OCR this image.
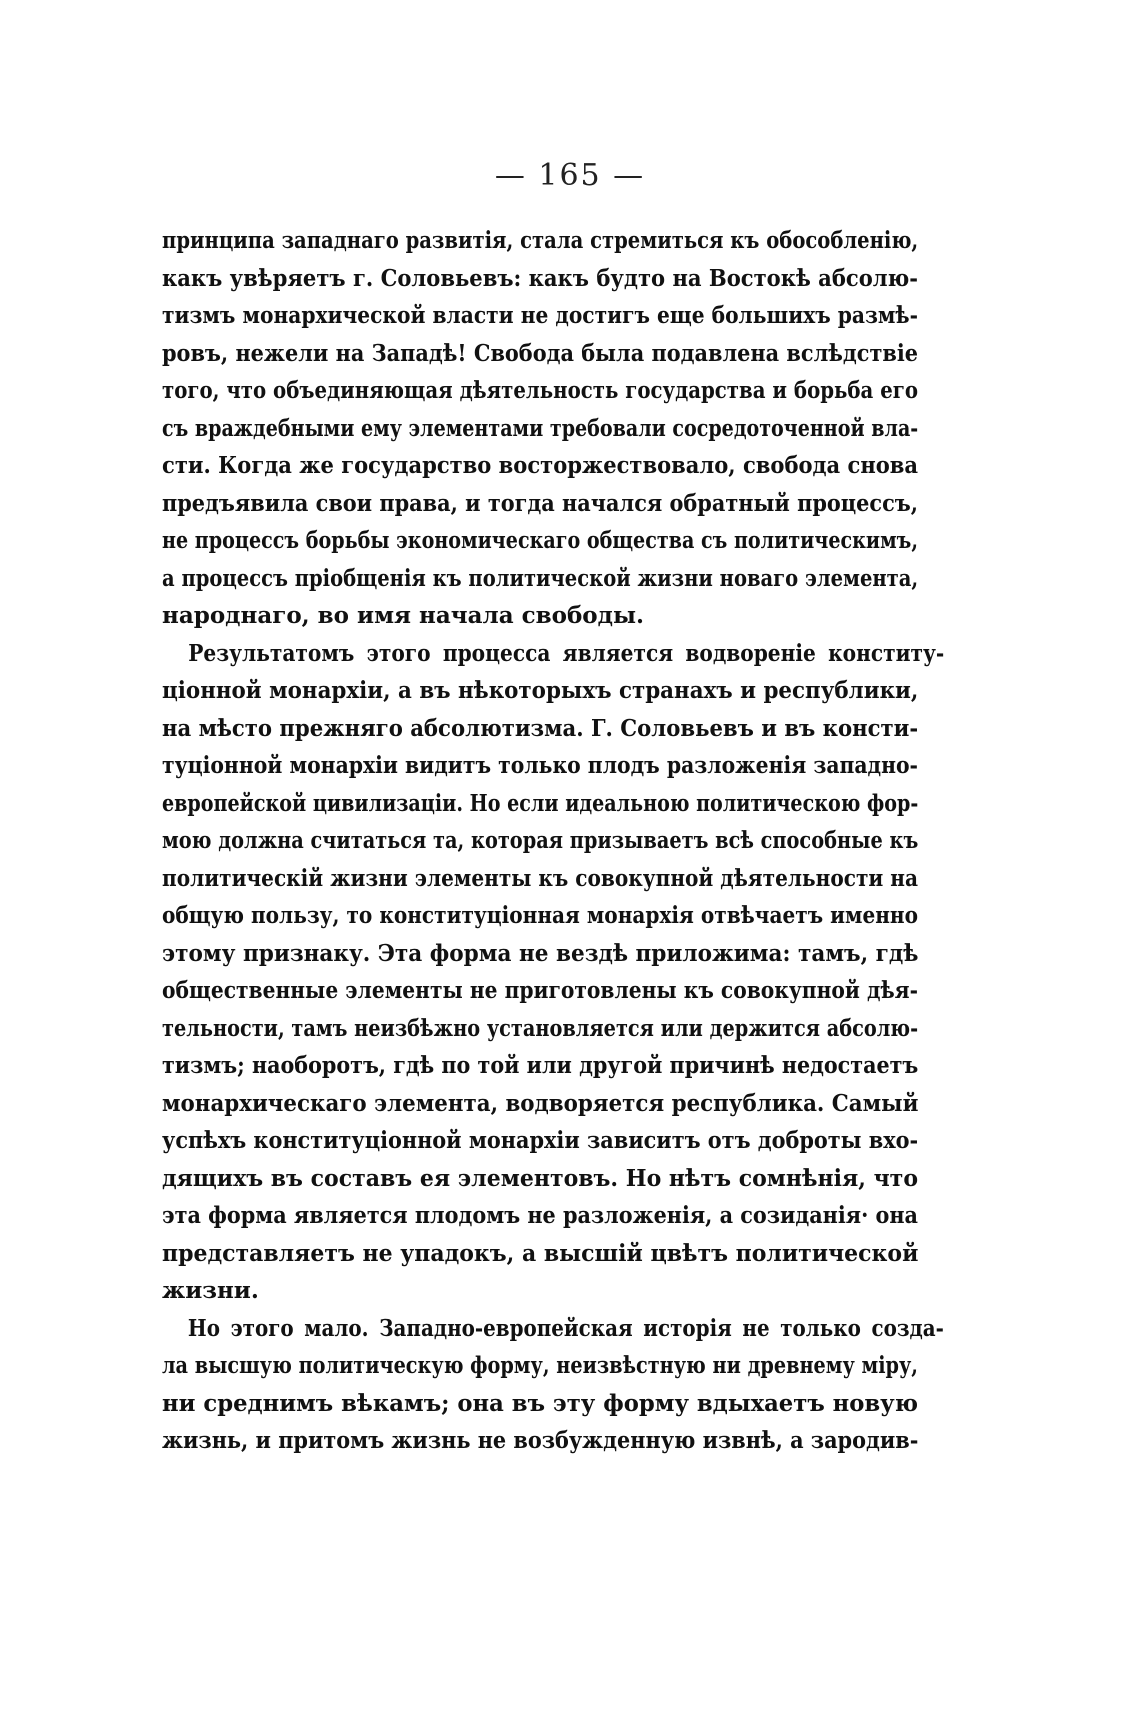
— 165 —
принципа западнаго развитія, стала стремиться къ обособленію,
какъ увѣряетъ г. Соловьевъ: какъ будто на Востокѣ абсолю-
тизмъ монархической власти не достигъ еще большихъ размѣ-
ровъ, нежели на Западѣ! Свобода была подавлена вслѣдствіе
того, что объединяющая дѣятельность государства и борьба его
съ враждебными ему элементами требовали сосредоточенной вла-
сти. Когда же государство восторжествовало, свобода снова
предъявила свои права, и тогда начался обратный процессъ,
не процессъ борьбы экономическаго общества съ политическимъ,
а процессъ пріобщенія къ политической жизни новаго элемента,
народнаго, во имя начала свободы.
Результатомъ этого процесса является водвореніе конститу-
ціонной монархіи, а въ нѣкоторыхъ странахъ и республики,
на мѣсто прежняго абсолютизма. Г. Соловьевъ и въ консти-
туціонной монархіи видитъ только плодъ разложенія западно-
европейской цивилизаціи. Но если идеальною политическою фор-
мою должна считаться та, которая призываетъ всѣ способные къ
политическій жизни элементы къ совокупной дѣятельности на
общую пользу, то конституціонная монархія отвѣчаетъ именно
этому признаку. Эта форма не вездѣ приложима: тамъ, гдѣ
общественные элементы не приготовлены къ совокупной дѣя-
тельности, тамъ неизбѣжно установляется или держится абсолю-
тизмъ; наоборотъ, гдѣ по той или другой причинѣ недостаетъ
монархическаго элемента, водворяется республика. Самый
успѣхъ конституціонной монархіи зависитъ отъ доброты вхо-
дящихъ въ составъ ея элементовъ. Но нѣтъ сомнѣнія, что
эта форма является плодомъ не разложенія, а созиданія· она
представляетъ не упадокъ, а высшій цвѣтъ политической
жизни.
Но этого мало. Западно-европейская исторія не только созда-
ла высшую политическую форму, неизвѣстную ни древнему міру,
ни среднимъ вѣкамъ; она въ эту форму вдыхаетъ новую
жизнь, и притомъ жизнь не возбужденную извнѣ, а зародив-
